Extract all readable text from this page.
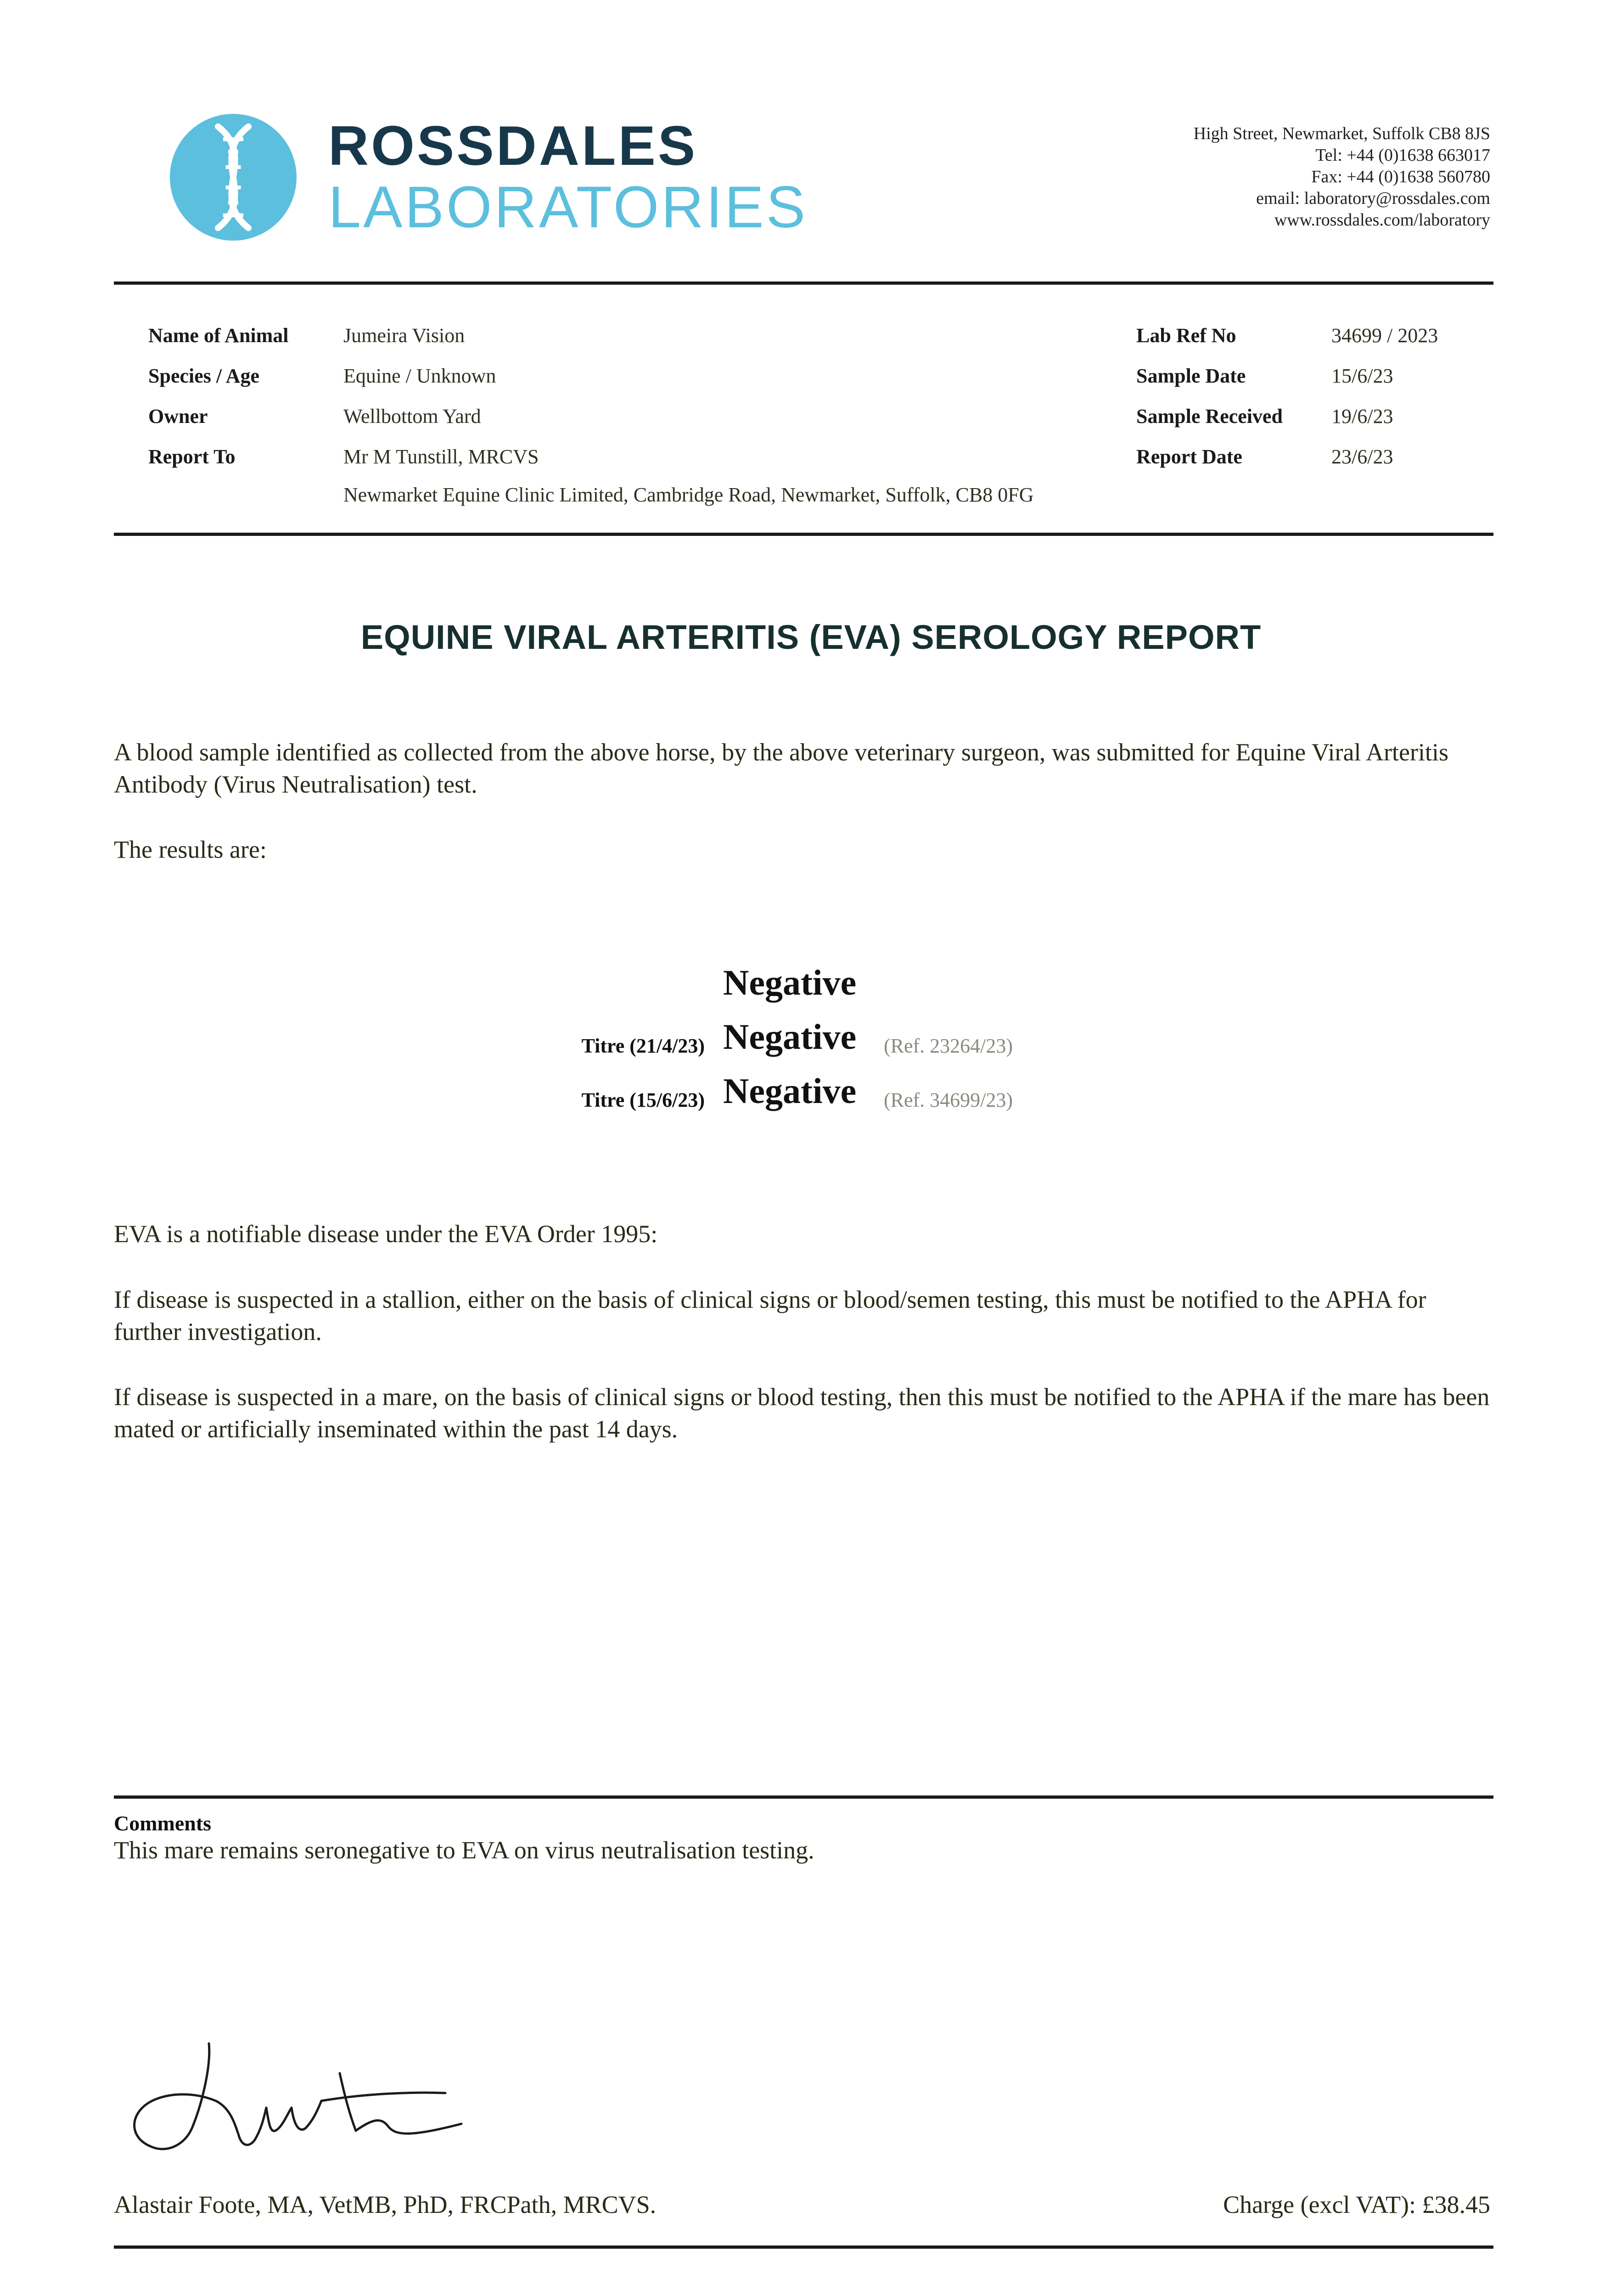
ROSSDALES
LABORATORIES
High Street, Newmarket, Suffolk CB8 8JS
Tel: +44 (0)1638 663017
Fax: +44 (0)1638 560780
email: laboratory@rossdales.com
www.rossdales.com/laboratory
Name of Animal	Jumeira Vision
Species / Age	Equine / Unknown
Owner	Wellbottom Yard
Report To	Mr M Tunstill, MRCVS
Newmarket Equine Clinic Limited, Cambridge Road, Newmarket, Suffolk, CB8 0FG
Lab Ref No	34699 / 2023
Sample Date	15/6/23
Sample Received 19/6/23
Report Date	23/6/23
EQUINE VIRAL ARTERITIS (EVA) SEROLOGY REPORT
A blood sample identified as collected from the above horse, by the above veterinary surgeon, was submitted for Equine Viral Arteritis Antibody (Virus Neutralisation) test.
The results are:
Negative
Titre (21/4/23) Negative (Ref. 23264/23)
Titre (15/6/23) Negative (Ref. 34699/23)
EVA is a notifiable disease under the EVA Order 1995:
If disease is suspected in a stallion, either on the basis of clinical signs or blood/semen testing, this must be notified to the APHA for further investigation.
If disease is suspected in a mare, on the basis of clinical signs or blood testing, then this must be notified to the APHA if the mare has been mated or artificially inseminated within the past 14 days.
Comments
This mare remains seronegative to EVA on virus neutralisation testing.
Alastair Foote, MA, VetMB, PhD, FRCPath, MRCVS.	Charge (excl VAT): £38.45
